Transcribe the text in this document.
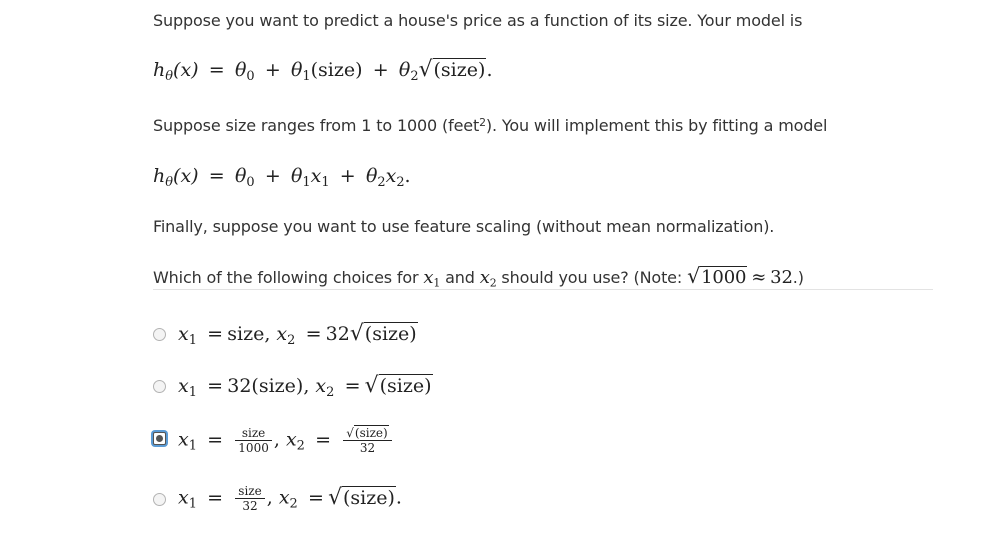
Suppose you want to predict a house's price as a function of its size. Your model is
$h_\theta(x) = \theta_0$ + $\theta_1(size)$ + $\theta_2√(size)$.
Suppose size ranges from 1 to 1000 (feet$^2$). You will implement this by fitting a model
$h_\theta(x) = \theta_0 + \theta_1x_1 + \theta_2x_2$.
Finally, suppose you want to use feature scaling (without mean normalization).
Which of the following choices for $x_1$ and $x_2$ should you use? (Note: √1000 ≈ 32.)
$x_1$ = size, $x_2$ = 32√(size)
$x_1$ = 32(size), $x_2$ = √(size)
$x_1 = \frac{\text{size}}{1000}$ , $x_2 = \frac{\text{√(size)}}{32}$
$x_1 = \frac{\text{size}}{32}$ , $x_2$ = √(size).
